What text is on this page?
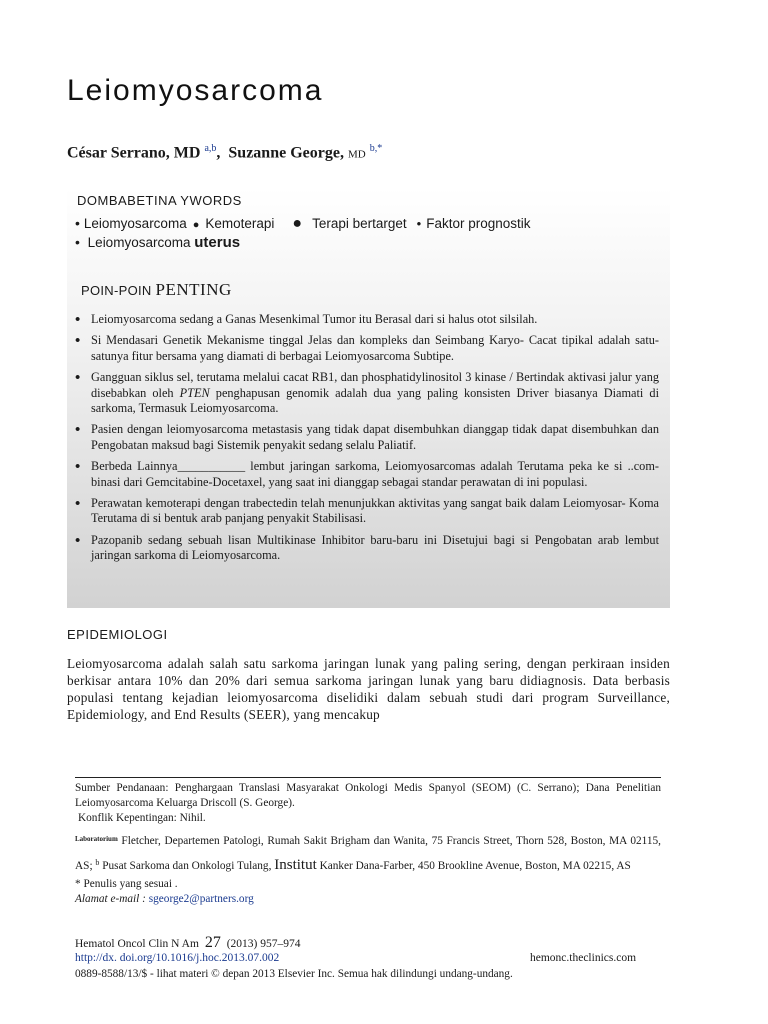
Leiomyosarcoma
César Serrano, MD $^{a,b}$,  Suzanne George, MD $^{b,*}$
DOMBABETINA YWORDS
• Leiomyosarcoma ● Kemoterapi ● Terapi bertarget • Faktor prognostik
• Leiomyosarcoma uterus
POIN-POIN PENTING
• Leiomyosarcoma sedang a Ganas Mesenkimal Tumor itu Berasal dari si halus otot silsilah.
• Si Mendasari Genetik Mekanisme tinggal Jelas dan kompleks dan Seimbang Karyo- Cacat tipikal adalah satu-satunya fitur bersama yang diamati di berbagai Leiomyosarcoma Subtipe.
• Gangguan siklus sel, terutama melalui cacat RB1, dan phosphatidylinositol 3 kinase / Bertindak aktivasi jalur yang disebabkan oleh PTEN penghapusan genomik adalah dua yang paling konsisten Driver biasanya Diamati di sarkoma, Termasuk Leiomyosarcoma.
• Pasien dengan leiomyosarcoma metastasis yang tidak dapat disembuhkan dianggap tidak dapat disembuhkan dan Pengobatan maksud bagi Sistemik penyakit sedang selalu Paliatif.
• Berbeda Lainnya___________ lembut jaringan sarkoma, Leiomyosarcomas adalah Terutama peka ke si ..com- binasi dari Gemcitabine-Docetaxel, yang saat ini dianggap sebagai standar perawatan di ini populasi.
• Perawatan kemoterapi dengan trabectedin telah menunjukkan aktivitas yang sangat baik dalam Leiomyosar- Koma Terutama di si bentuk arab panjang penyakit Stabilisasi.
• Pazopanib sedang sebuah lisan Multikinase Inhibitor baru-baru ini Disetujui bagi si Pengobatan arab lembut jaringan sarkoma di Leiomyosarcoma.
EPIDEMIOLOGI
Leiomyosarcoma adalah salah satu sarkoma jaringan lunak yang paling sering, dengan perkiraan insiden berkisar antara 10% dan 20% dari semua sarkoma jaringan lunak yang baru didiagnosis. Data berbasis populasi tentang kejadian leiomyosarcoma diselidiki dalam sebuah studi dari program Surveillance, Epidemiology, and End Results (SEER), yang mencakup

Sumber Pendanaan: Penghargaan Translasi Masyarakat Onkologi Medis Spanyol (SEOM) (C. Serrano); Dana Penelitian Leiomyosarcoma Keluarga Driscoll (S. George).

Konflik Kepentingan: Nihil.

$^{Laboratorium}$ Fletcher, Departemen Patologi, Rumah Sakit Brigham dan Wanita, 75 Francis Street, Thorn 528, Boston, MA 02115, AS; $^b$ Pusat Sarkoma dan Onkologi Tulang, Institut Kanker Dana-Farber, 450 Brookline Avenue, Boston, MA 02215, AS

* Penulis yang sesuai .

Alamat e-mail : sgeorge2@partners.org

Hematol Oncol Clin N Am 27 (2013) 957–974
http://dx. doi.org/10.1016/j.hoc.2013.07.002	hemonc.theclinics.com
0889-8588/13/$ - lihat materi © depan 2013 Elsevier Inc. Semua hak dilindungi undang-undang.
